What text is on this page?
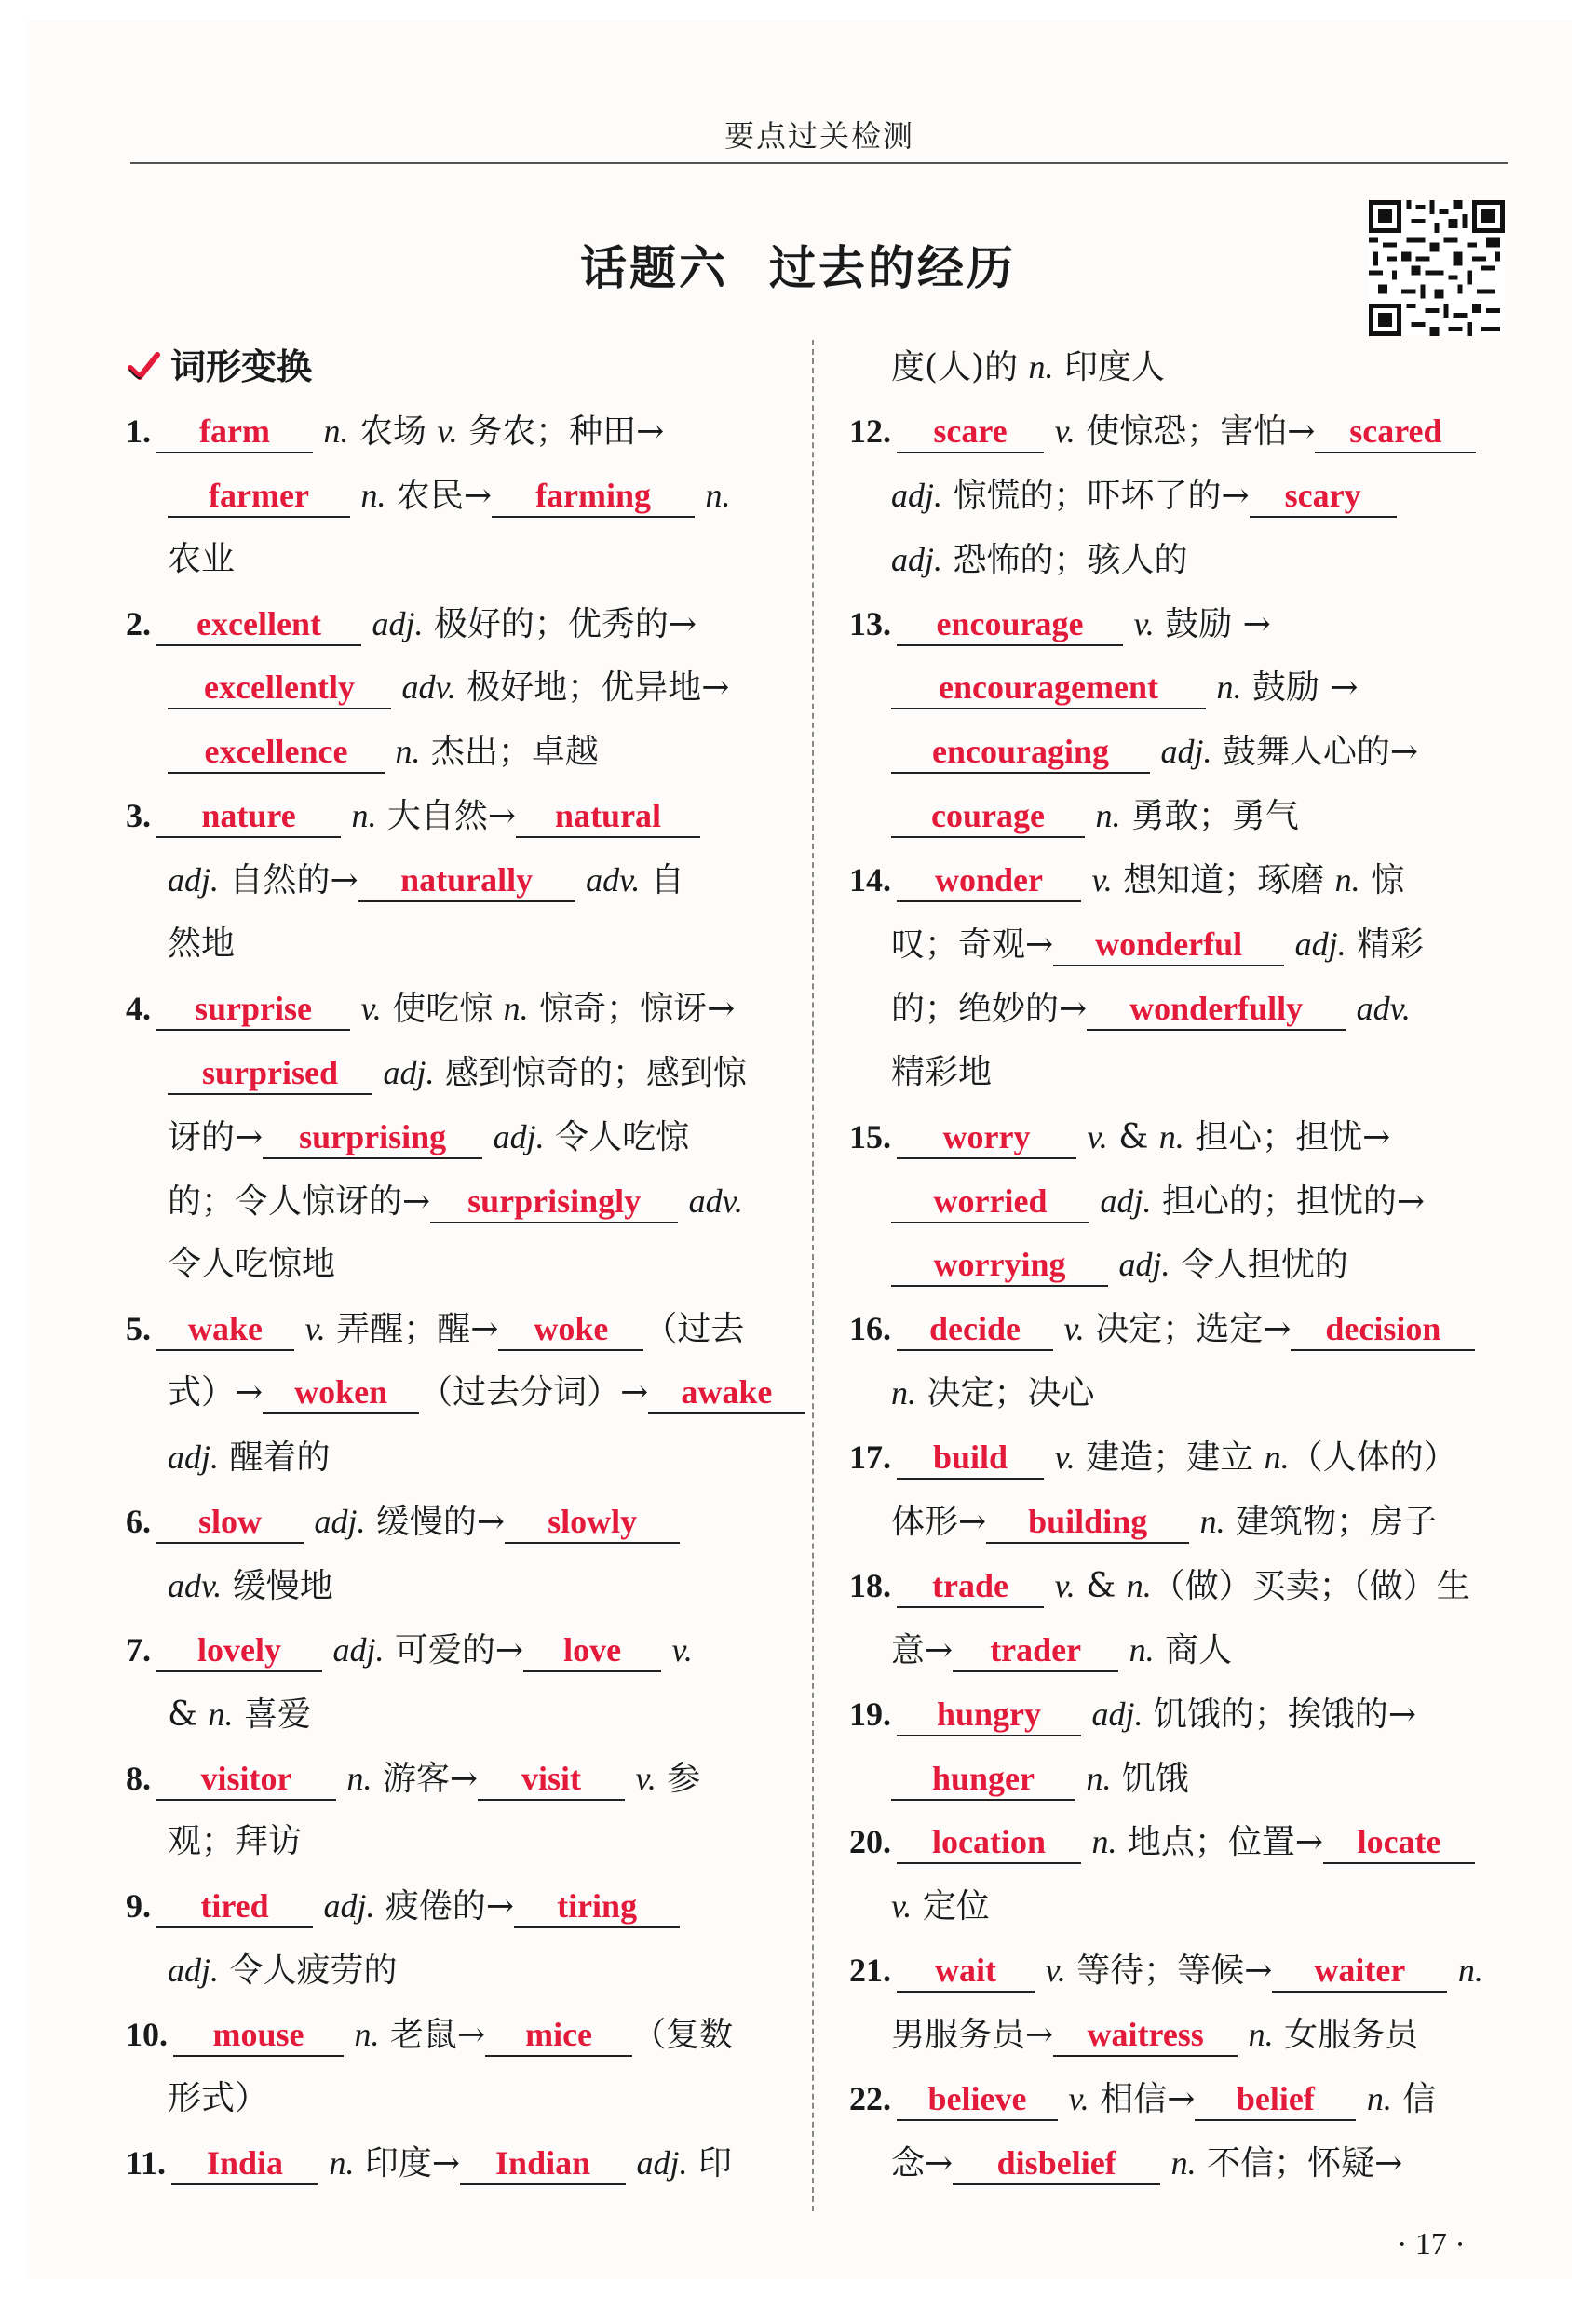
要点过关检测
话题六 过去的经历
词形变换
1. farm n. 农场 v. 务农；种田→
farmer n. 农民→ farming n.
农业
2. excellent adj. 极好的；优秀的→
excellently adv. 极好地；优异地→
excellence n. 杰出；卓越
3. nature n. 大自然→ natural
adj. 自然的→ naturally adv. 自
然地
4. surprise v. 使吃惊 n. 惊奇；惊讶→
surprised adj. 感到惊奇的；感到惊
讶的→ surprising adj. 令人吃惊
的；令人惊讶的→ surprisingly adv.
令人吃惊地
5. wake v. 弄醒；醒→ woke （过去
式）→ woken （过去分词）→ awake
adj. 醒着的
6. slow adj. 缓慢的→ slowly
adv. 缓慢地
7. lovely adj. 可爱的→ love v.
& n. 喜爱
8. visitor n. 游客→ visit v. 参
观；拜访
9. tired adj. 疲倦的→ tiring
adj. 令人疲劳的
10. mouse n. 老鼠→ mice （复数
形式）
11. India n. 印度→ Indian adj. 印
度(人)的 n. 印度人
12. scare v. 使惊恐；害怕→ scared
adj. 惊慌的；吓坏了的→ scary
adj. 恐怖的；骇人的
13. encourage v. 鼓励 →
encouragement n. 鼓励 →
encouraging adj. 鼓舞人心的→
courage n. 勇敢；勇气
14. wonder v. 想知道；琢磨 n. 惊
叹；奇观→ wonderful adj. 精彩
的；绝妙的→ wonderfully adv.
精彩地
15. worry v. & n. 担心；担忧→
worried adj. 担心的；担忧的→
worrying adj. 令人担忧的
16. decide v. 决定；选定→ decision
n. 决定；决心
17. build v. 建造；建立 n.（人体的）
体形→ building n. 建筑物；房子
18. trade v. & n.（做）买卖；（做）生
意→ trader n. 商人
19. hungry adj. 饥饿的；挨饿的→
hunger n. 饥饿
20. location n. 地点；位置→ locate
v. 定位
21. wait v. 等待；等候→ waiter n.
男服务员→ waitress n. 女服务员
22. believe v. 相信→ belief n. 信
念→ disbelief n. 不信；怀疑→
· 17 ·
